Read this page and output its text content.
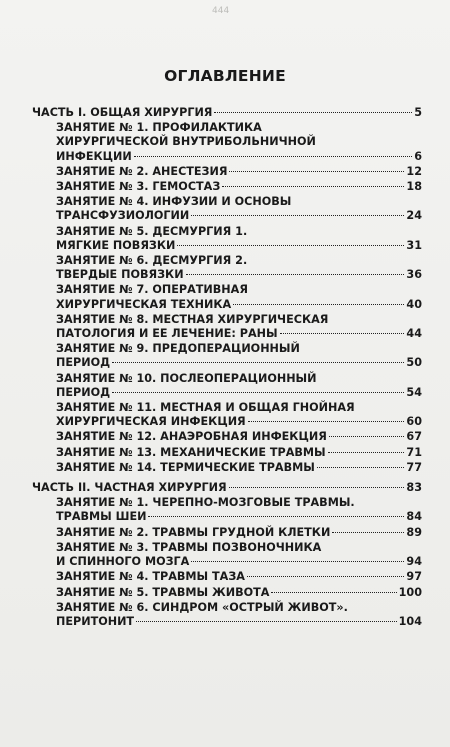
444
ОГЛАВЛЕНИЕ
ЧАСТЬ I. ОБЩАЯ ХИРУРГИЯ	5
ЗАНЯТИЕ № 1. ПРОФИЛАКТИКА
ХИРУРГИЧЕСКОЙ ВНУТРИБОЛЬНИЧНОЙ
ИНФЕКЦИИ	6
ЗАНЯТИЕ № 2. АНЕСТЕЗИЯ	12
ЗАНЯТИЕ № 3. ГЕМОСТАЗ	18
ЗАНЯТИЕ № 4. ИНФУЗИИ И ОСНОВЫ
ТРАНСФУЗИОЛОГИИ	24
ЗАНЯТИЕ № 5. ДЕСМУРГИЯ 1.
МЯГКИЕ ПОВЯЗКИ	31
ЗАНЯТИЕ № 6. ДЕСМУРГИЯ 2.
ТВЕРДЫЕ ПОВЯЗКИ	36
ЗАНЯТИЕ № 7. ОПЕРАТИВНАЯ
ХИРУРГИЧЕСКАЯ ТЕХНИКА	40
ЗАНЯТИЕ № 8. МЕСТНАЯ ХИРУРГИЧЕСКАЯ
ПАТОЛОГИЯ И ЕЕ ЛЕЧЕНИЕ: РАНЫ	44
ЗАНЯТИЕ № 9. ПРЕДОПЕРАЦИОННЫЙ
ПЕРИОД	50
ЗАНЯТИЕ № 10. ПОСЛЕОПЕРАЦИОННЫЙ
ПЕРИОД	54
ЗАНЯТИЕ № 11. МЕСТНАЯ И ОБЩАЯ ГНОЙНАЯ
ХИРУРГИЧЕСКАЯ ИНФЕКЦИЯ	60
ЗАНЯТИЕ № 12. АНАЭРОБНАЯ ИНФЕКЦИЯ	67
ЗАНЯТИЕ № 13. МЕХАНИЧЕСКИЕ ТРАВМЫ	71
ЗАНЯТИЕ № 14. ТЕРМИЧЕСКИЕ ТРАВМЫ	77
ЧАСТЬ II. ЧАСТНАЯ ХИРУРГИЯ	83
ЗАНЯТИЕ № 1. ЧЕРЕПНО-МОЗГОВЫЕ ТРАВМЫ.
ТРАВМЫ ШЕИ	84
ЗАНЯТИЕ № 2. ТРАВМЫ ГРУДНОЙ КЛЕТКИ	89
ЗАНЯТИЕ № 3. ТРАВМЫ ПОЗВОНОЧНИКА
И СПИННОГО МОЗГА	94
ЗАНЯТИЕ № 4. ТРАВМЫ ТАЗА	97
ЗАНЯТИЕ № 5. ТРАВМЫ ЖИВОТА	100
ЗАНЯТИЕ № 6. СИНДРОМ «ОСТРЫЙ ЖИВОТ».
ПЕРИТОНИТ	104
